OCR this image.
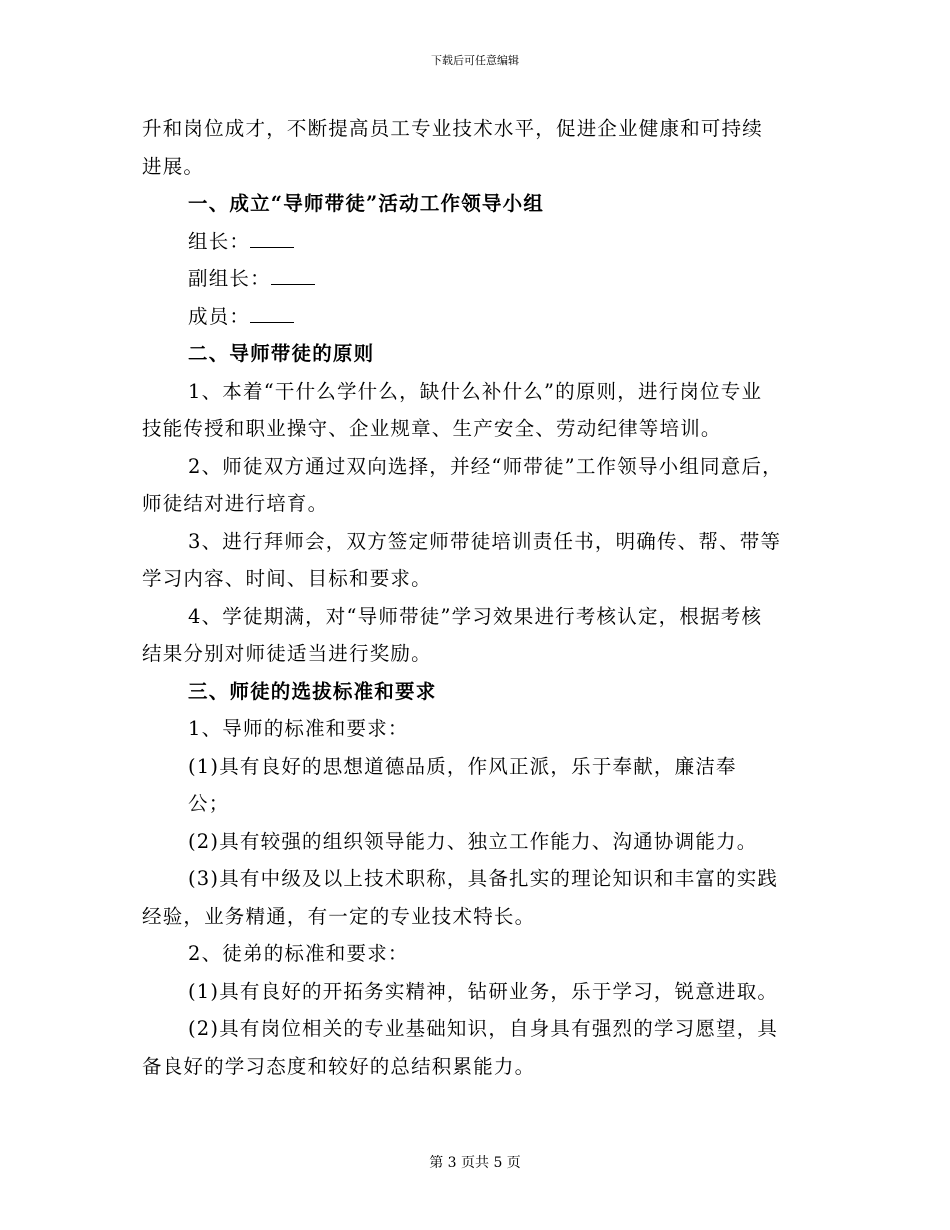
下载后可任意编辑
升和岗位成才，不断提高员工专业技术水平，促进企业健康和可持续
进展。
一、成立“导师带徒”活动工作领导小组
组长：
副组长：
成员：
二、导师带徒的原则
1、本着“干什么学什么，缺什么补什么”的原则，进行岗位专业
技能传授和职业操守、企业规章、生产安全、劳动纪律等培训。
2、师徒双方通过双向选择，并经“师带徒”工作领导小组同意后，
师徒结对进行培育。
3、进行拜师会，双方签定师带徒培训责任书，明确传、帮、带等
学习内容、时间、目标和要求。
4、学徒期满，对“导师带徒”学习效果进行考核认定，根据考核
结果分别对师徒适当进行奖励。
三、师徒的选拔标准和要求
1、导师的标准和要求：
(1)具有良好的思想道德品质，作风正派，乐于奉献，廉洁奉
公；
(2)具有较强的组织领导能力、独立工作能力、沟通协调能力。
(3)具有中级及以上技术职称，具备扎实的理论知识和丰富的实践
经验，业务精通，有一定的专业技术特长。
2、徒弟的标准和要求：
(1)具有良好的开拓务实精神，钻研业务，乐于学习，锐意进取。
(2)具有岗位相关的专业基础知识，自身具有强烈的学习愿望，具
备良好的学习态度和较好的总结积累能力。
第 3 页共 5 页
